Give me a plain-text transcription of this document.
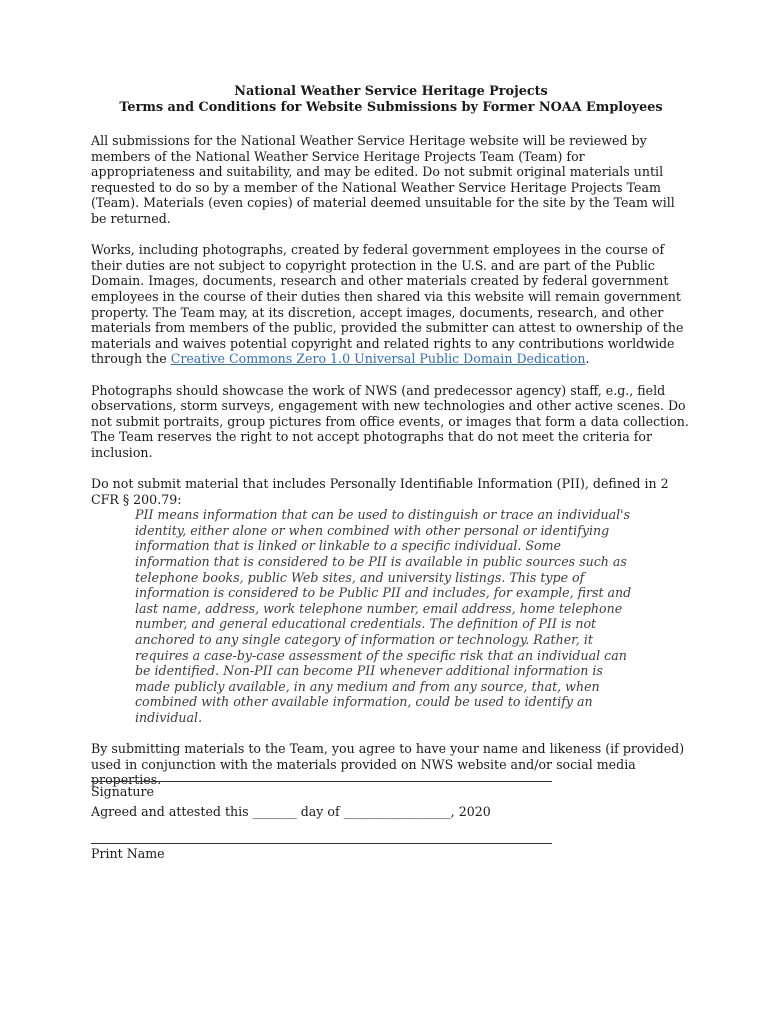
National Weather Service Heritage Projects
Terms and Conditions for Website Submissions by Former NOAA Employees

All submissions for the National Weather Service Heritage website will be reviewed by members of the National Weather Service Heritage Projects Team (Team) for appropriateness and suitability, and may be edited. Do not submit original materials until requested to do so by a member of the National Weather Service Heritage Projects Team (Team). Materials (even copies) of material deemed unsuitable for the site by the Team will be returned.

Works, including photographs, created by federal government employees in the course of their duties are not subject to copyright protection in the U.S. and are part of the Public Domain. Images, documents, research and other materials created by federal government employees in the course of their duties then shared via this website will remain government property. The Team may, at its discretion, accept images, documents, research, and other materials from members of the public, provided the submitter can attest to ownership of the materials and waives potential copyright and related rights to any contributions worldwide through the Creative Commons Zero 1.0 Universal Public Domain Dedication.

Photographs should showcase the work of NWS (and predecessor agency) staff, e.g., field observations, storm surveys, engagement with new technologies and other active scenes. Do not submit portraits, group pictures from office events, or images that form a data collection. The Team reserves the right to not accept photographs that do not meet the criteria for inclusion.

Do not submit material that includes Personally Identifiable Information (PII), defined in 2 CFR § 200.79:

PII means information that can be used to distinguish or trace an individual's identity, either alone or when combined with other personal or identifying information that is linked or linkable to a specific individual. Some information that is considered to be PII is available in public sources such as telephone books, public Web sites, and university listings. This type of information is considered to be Public PII and includes, for example, first and last name, address, work telephone number, email address, home telephone number, and general educational credentials. The definition of PII is not anchored to any single category of information or technology. Rather, it requires a case-by-case assessment of the specific risk that an individual can be identified. Non-PII can become PII whenever additional information is made publicly available, in any medium and from any source, that, when combined with other available information, could be used to identify an individual.

By submitting materials to the Team, you agree to have your name and likeness (if provided) used in conjunction with the materials provided on NWS website and/or social media properties.

Agreed and attested this _______ day of _________________, 2020

Signature
Print Name
